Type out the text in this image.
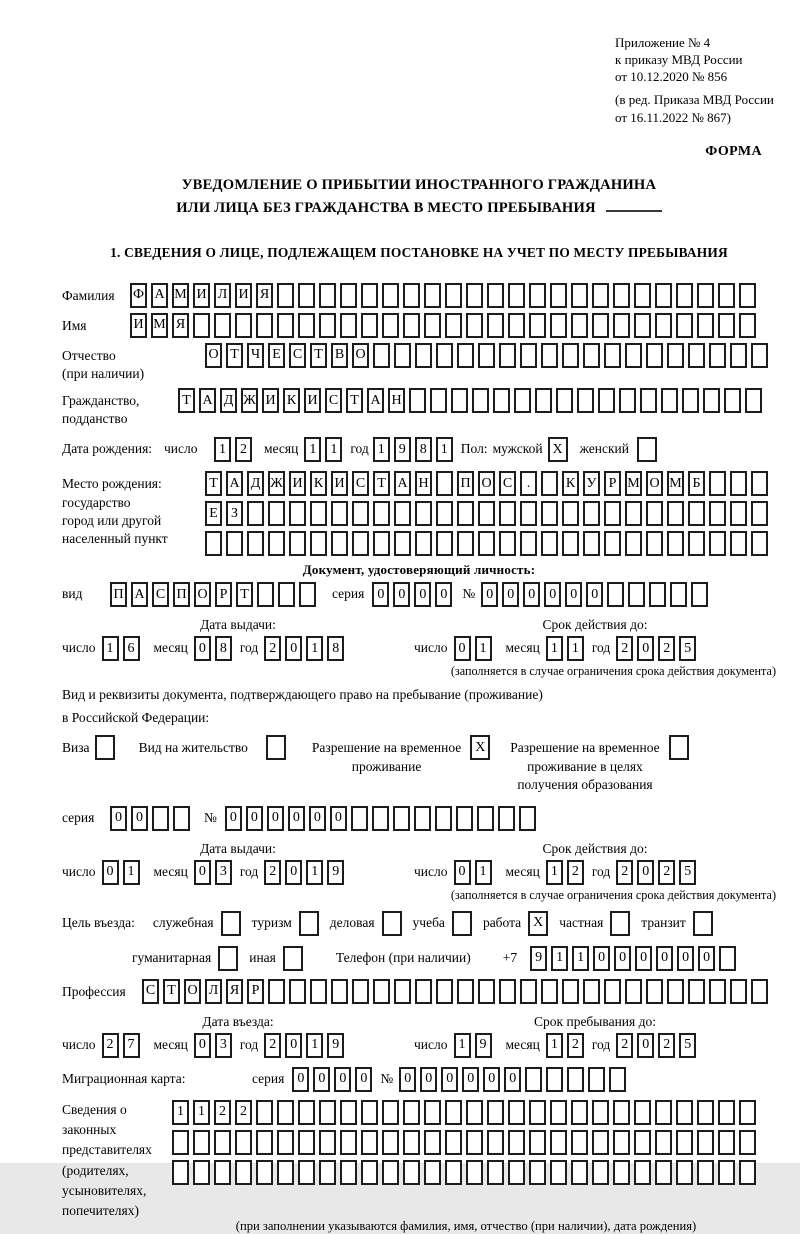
Приложение № 4
к приказу МВД России
от 10.12.2020 № 856
(в ред. Приказа МВД России
от 16.11.2022 № 867)
ФОРМА
УВЕДОМЛЕНИЕ О ПРИБЫТИИ ИНОСТРАННОГО ГРАЖДАНИНА
ИЛИ ЛИЦА БЕЗ ГРАЖДАНСТВА В МЕСТО ПРЕБЫВАНИЯ
1. СВЕДЕНИЯ О ЛИЦЕ, ПОДЛЕЖАЩЕМ ПОСТАНОВКЕ НА УЧЕТ ПО МЕСТУ ПРЕБЫВАНИЯ
Фамилия	Ф А М И Л И Я
Имя	И М Я
Отчество
(при наличии)
О Т Ч Е С Т В О
Гражданство,
подданство
Т А Д Ж И К И С Т А Н
Дата рождения: число	1	2	месяц 1	1 год 1	9	8	1 Пол: мужской X	женский
Место рождения:
государство
город или другой
населенный пункт
Т А Д Ж И К И С Т А Н П О С	.	К У Р М О М Б
Е З
Документ, удостоверяющий личность:
вид	П А С П О Р Т	серия 0	0	0	0	№ 0	0	0	0	0	0
Дата выдачи:
число 1	6	месяц 0	8 год 2	0	1	8
Срок действия до:
число 0	1	месяц 1	1 год 2	0	2	5
(заполняется в случае ограничения срока действия документа)
Вид и реквизиты документа, подтверждающего право на пребывание (проживание)
в Российской Федерации:
Виза	Вид на жительство	Разрешение на временное
проживание
X	Разрешение на временное
проживание в целях
получения образования
серия	0	0	№ 0	0	0	0	0	0
Дата выдачи:
число 0	1	месяц 0	3 год 2	0	1	9
Срок действия до:
число 0	1	месяц 1	2 год 2	0	2	5
(заполняется в случае ограничения срока действия документа)
Цель въезда:	служебная	туризм	деловая	учеба	работа X	частная	транзит
гуманитарная	иная	Телефон (при наличии)	+7	9	1	1	0	0	0	0	0	0
Профессия	С Т О Л Я Р
Дата въезда:
число 2	7	месяц 0	3 год 2	0	1	9
Срок пребывания до:
число 1	9	месяц 1	2 год 2	0	2	5
Миграционная карта:	серия 0	0	0	0 № 0	0	0	0	0	0
Сведения о
законных
представителях
(родителях,
усыновителях,
попечителях)
1	1	2	2
(при заполнении указываются фамилия, имя, отчество (при наличии), дата рождения)
